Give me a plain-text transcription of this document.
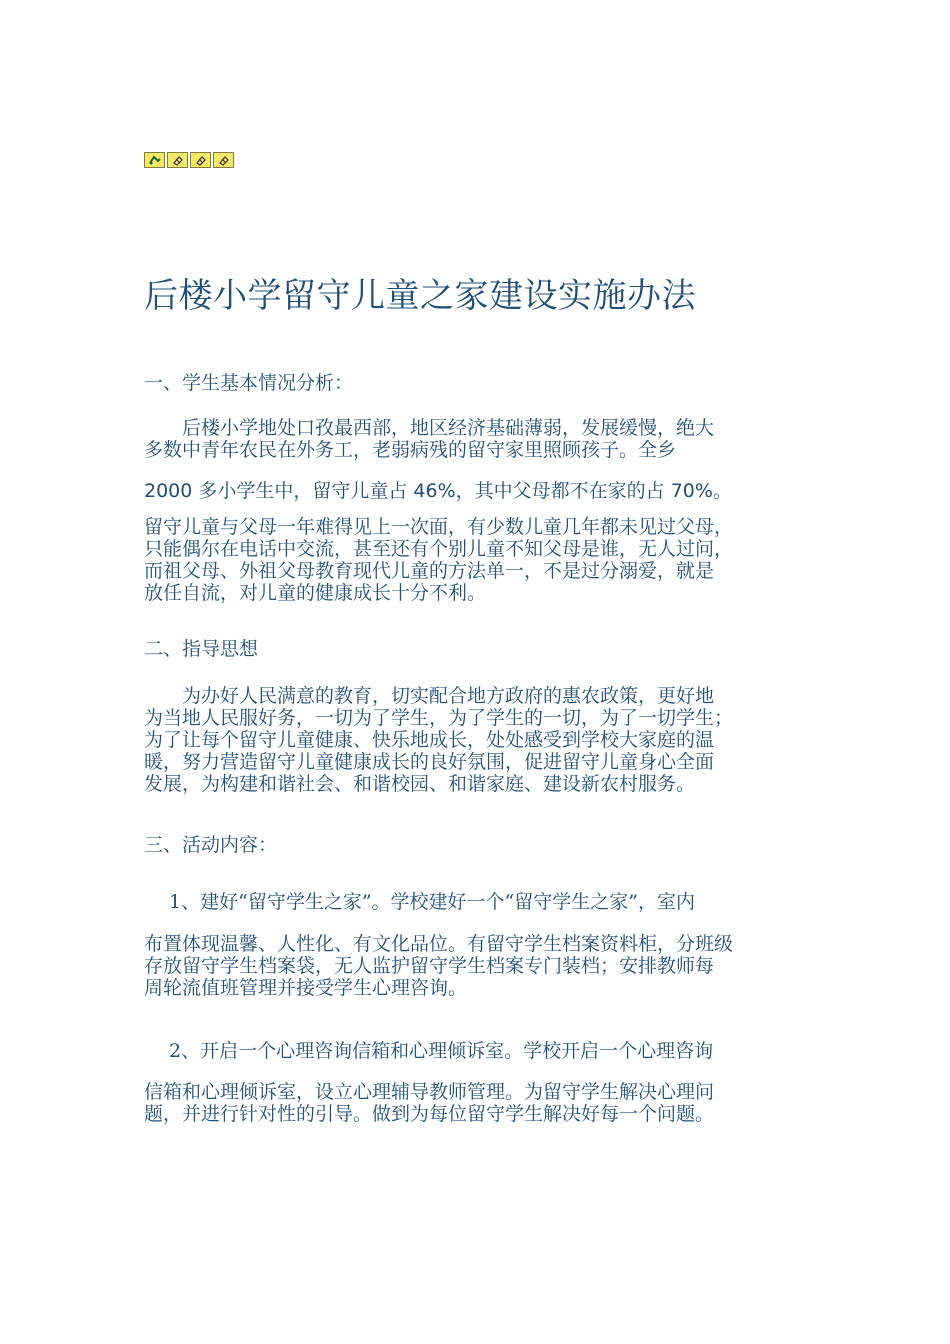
后楼小学留守儿童之家建设实施办法
一、学生基本情况分析：
　　后楼小学地处口孜最西部，地区经济基础薄弱，发展缓慢，绝大
多数中青年农民在外务工，老弱病残的留守家里照顾孩子。全乡
2000 多小学生中，留守儿童占 46%，其中父母都不在家的占 70%。
留守儿童与父母一年难得见上一次面，有少数儿童几年都未见过父母，
只能偶尔在电话中交流，甚至还有个别儿童不知父母是谁，无人过问，
而祖父母、外祖父母教育现代儿童的方法单一，不是过分溺爱，就是
放任自流，对儿童的健康成长十分不利。
二、指导思想
　　为办好人民满意的教育，切实配合地方政府的惠农政策，更好地
为当地人民服好务，一切为了学生，为了学生的一切，为了一切学生；
为了让每个留守儿童健康、快乐地成长，处处感受到学校大家庭的温
暖，努力营造留守儿童健康成长的良好氛围，促进留守儿童身心全面
发展，为构建和谐社会、和谐校园、和谐家庭、建设新农村服务。
三、活动内容：
　 1、建好“留守学生之家”。学校建好一个“留守学生之家”，室内
布置体现温馨、人性化、有文化品位。有留守学生档案资料柜，分班级
存放留守学生档案袋，无人监护留守学生档案专门装档；安排教师每
周轮流值班管理并接受学生心理咨询。
　 2、开启一个心理咨询信箱和心理倾诉室。学校开启一个心理咨询
信箱和心理倾诉室，设立心理辅导教师管理。为留守学生解决心理问
题，并进行针对性的引导。做到为每位留守学生解决好每一个问题。
